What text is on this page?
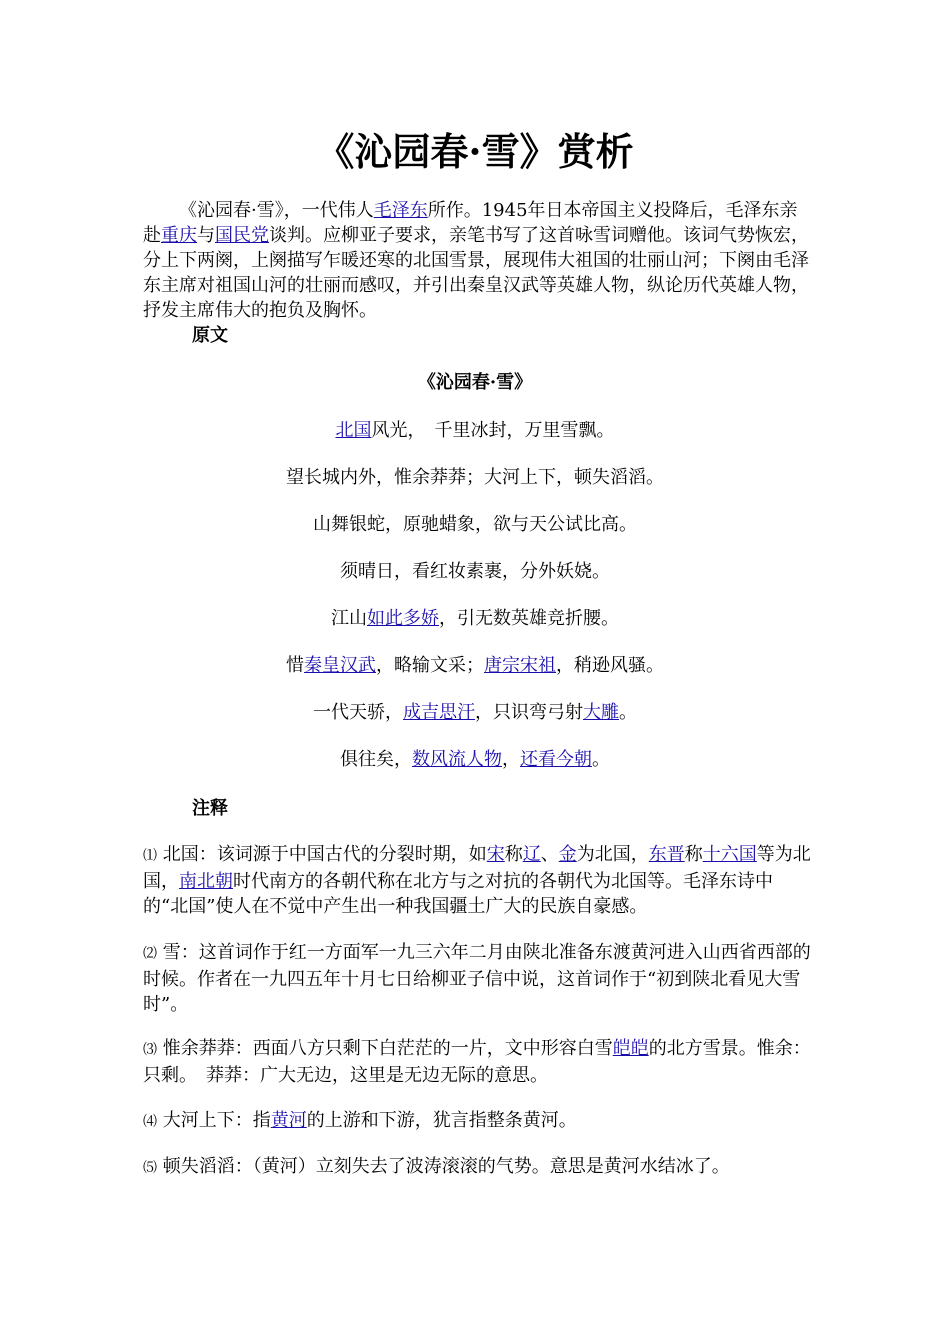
《沁园春·雪》赏析

《沁园春·雪》，一代伟人毛泽东所作。1945年日本帝国主义投降后，毛泽东亲赴重庆与国民党谈判。应柳亚子要求，亲笔书写了这首咏雪词赠他。该词气势恢宏，分上下两阕，上阕描写乍暖还寒的北国雪景，展现伟大祖国的壮丽山河；下阕由毛泽东主席对祖国山河的壮丽而感叹，并引出秦皇汉武等英雄人物，纵论历代英雄人物，抒发主席伟大的抱负及胸怀。

原文

《沁园春·雪》

北国风光，　千里冰封，万里雪飘。

望长城内外，惟余莽莽；大河上下，顿失滔滔。

山舞银蛇，原驰蜡象，欲与天公试比高。

须晴日，看红妆素裹，分外妖娆。

江山如此多娇，引无数英雄竞折腰。

惜秦皇汉武，略输文采；唐宗宋祖，稍逊风骚。

一代天骄，成吉思汗，只识弯弓射大雕。

俱往矣，数风流人物，还看今朝。

注释

⑴ 北国：该词源于中国古代的分裂时期，如宋称辽、金为北国，东晋称十六国等为北国，南北朝时代南方的各朝代称在北方与之对抗的各朝代为北国等。毛泽东诗中的“北国”使人在不觉中产生出一种我国疆土广大的民族自豪感。

⑵ 雪：这首词作于红一方面军一九三六年二月由陕北准备东渡黄河进入山西省西部的时候。作者在一九四五年十月七日给柳亚子信中说，这首词作于“初到陕北看见大雪时”。

⑶ 惟余莽莽：西面八方只剩下白茫茫的一片，文中形容白雪皑皑的北方雪景。惟余：只剩。　莽莽：广大无边，这里是无边无际的意思。

⑷ 大河上下：指黄河的上游和下游，犹言指整条黄河。

⑸ 顿失滔滔：（黄河）立刻失去了波涛滚滚的气势。意思是黄河水结冰了。
